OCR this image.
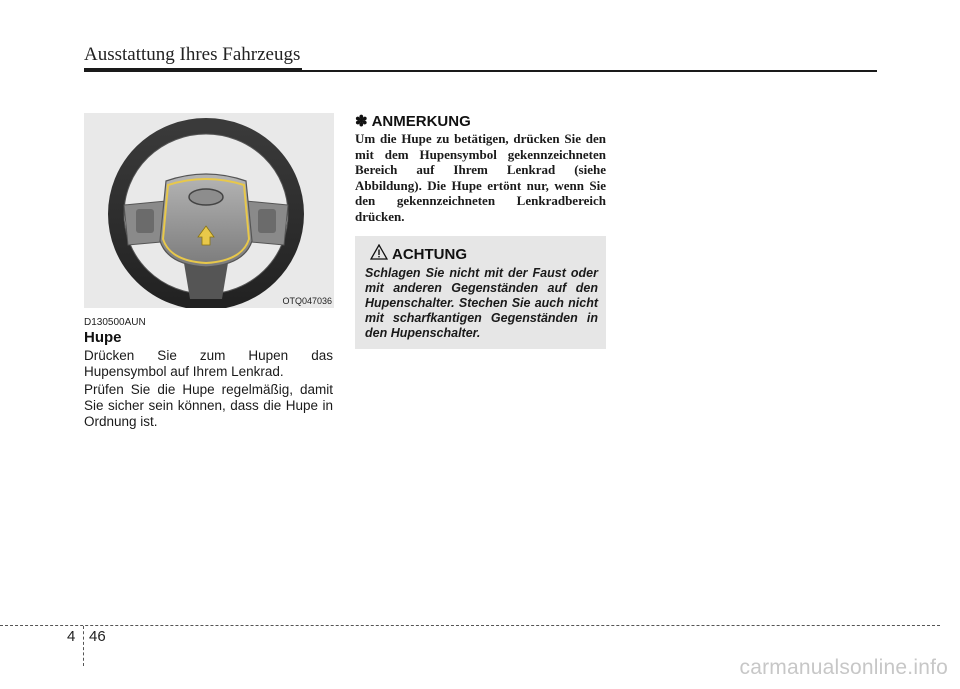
Ausstattung Ihres Fahrzeugs
OTQ047036
D130500AUN
Hupe
Drücken Sie zum Hupen das Hupensymbol auf Ihrem Lenkrad.
Prüfen Sie die Hupe regelmäßig, damit Sie sicher sein können, dass die Hupe in Ordnung ist.
✽ ANMERKUNG
Um die Hupe zu betätigen, drücken Sie den mit dem Hupensymbol gekennzeichneten Bereich auf Ihrem Lenkrad (siehe Abbildung). Die Hupe ertönt nur, wenn Sie den gekennzeichneten Lenkradbereich drücken.
ACHTUNG
Schlagen Sie nicht mit der Faust oder mit anderen Gegenständen auf den Hupenschalter. Stechen Sie auch nicht mit scharfkantigen Gegenständen in den Hupenschalter.
4 46
carmanualsonline.info
